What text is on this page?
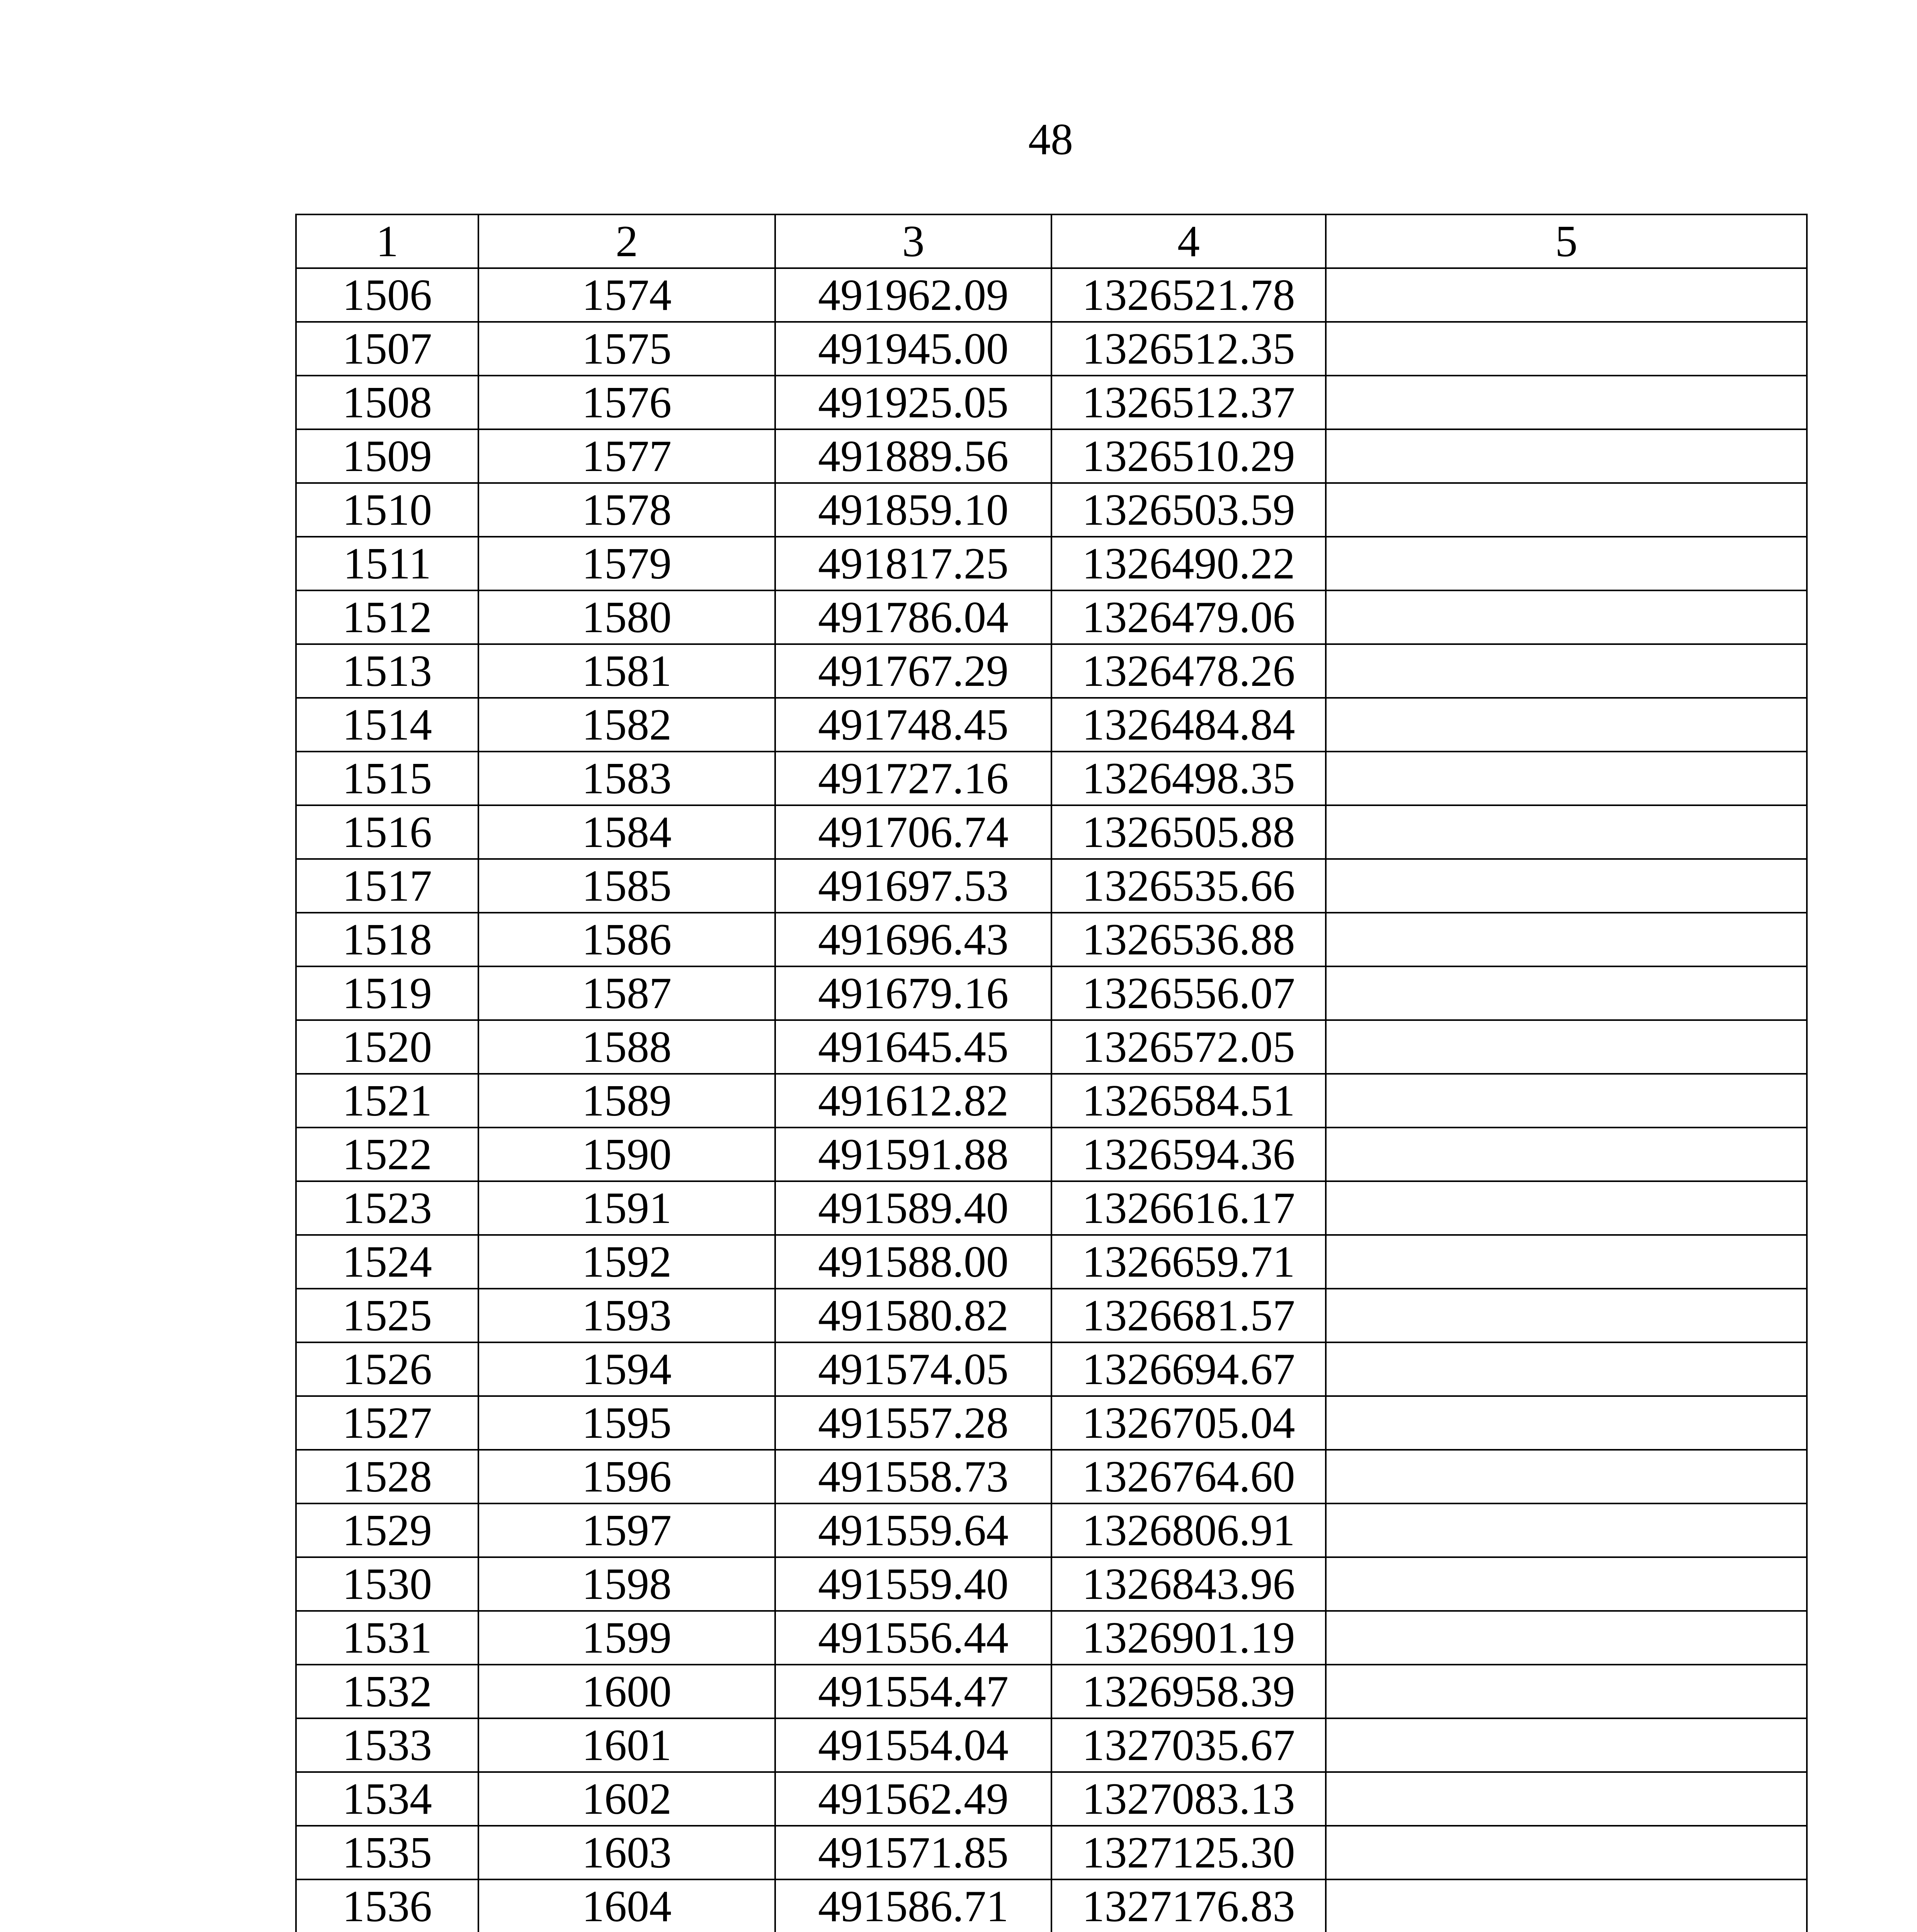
48
1	2	3	4	5
1506	1574	491962.09	1326521.78	
1507	1575	491945.00	1326512.35	
1508	1576	491925.05	1326512.37	
1509	1577	491889.56	1326510.29	
1510	1578	491859.10	1326503.59	
1511	1579	491817.25	1326490.22	
1512	1580	491786.04	1326479.06	
1513	1581	491767.29	1326478.26	
1514	1582	491748.45	1326484.84	
1515	1583	491727.16	1326498.35	
1516	1584	491706.74	1326505.88	
1517	1585	491697.53	1326535.66	
1518	1586	491696.43	1326536.88	
1519	1587	491679.16	1326556.07	
1520	1588	491645.45	1326572.05	
1521	1589	491612.82	1326584.51	
1522	1590	491591.88	1326594.36	
1523	1591	491589.40	1326616.17	
1524	1592	491588.00	1326659.71	
1525	1593	491580.82	1326681.57	
1526	1594	491574.05	1326694.67	
1527	1595	491557.28	1326705.04	
1528	1596	491558.73	1326764.60	
1529	1597	491559.64	1326806.91	
1530	1598	491559.40	1326843.96	
1531	1599	491556.44	1326901.19	
1532	1600	491554.47	1326958.39	
1533	1601	491554.04	1327035.67	
1534	1602	491562.49	1327083.13	
1535	1603	491571.85	1327125.30	
1536	1604	491586.71	1327176.83	
